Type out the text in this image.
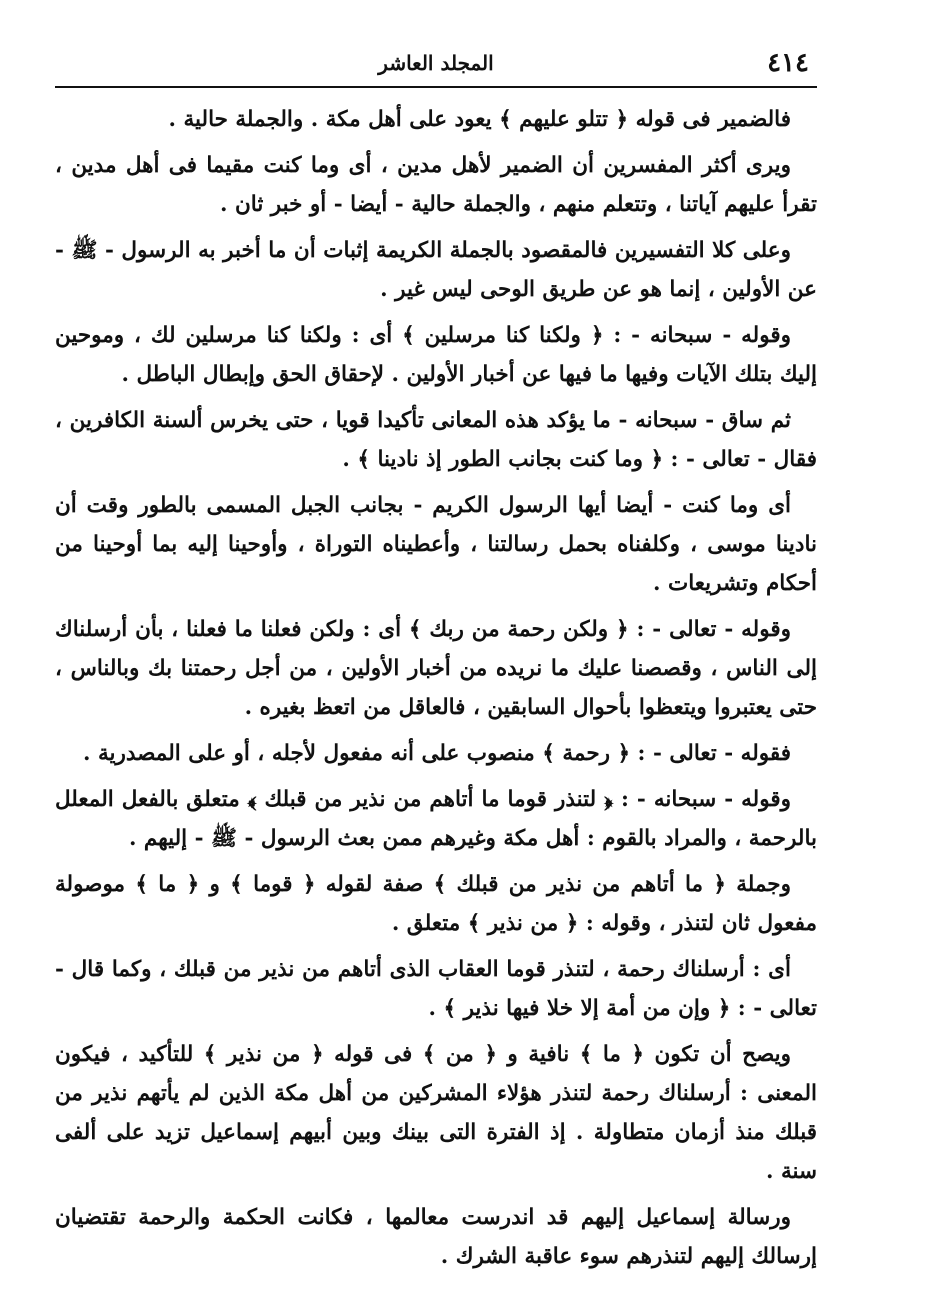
٤١٤
المجلد العاشر

فالضمير فى قوله ﴿ تتلو عليهم ﴾ يعود على أهل مكة . والجملة حالية .

ويرى أكثر المفسرين أن الضمير لأهل مدين ، أى وما كنت مقيما فى أهل مدين ، تقرأ عليهم آياتنا ، وتتعلم منهم ، والجملة حالية - أيضا - أو خبر ثان .

وعلى كلا التفسيرين فالمقصود بالجملة الكريمة إثبات أن ما أخبر به الرسول - ﷺ - عن الأولين ، إنما هو عن طريق الوحى ليس غير .

وقوله - سبحانه - : ﴿ ولكنا كنا مرسلين ﴾ أى : ولكنا كنا مرسلين لك ، وموحين إليك بتلك الآيات وفيها ما فيها عن أخبار الأولين . لإحقاق الحق وإبطال الباطل .

ثم ساق - سبحانه - ما يؤكد هذه المعانى تأكيدا قويا ، حتى يخرس ألسنة الكافرين ، فقال - تعالى - : ﴿ وما كنت بجانب الطور إذ نادينا ﴾ .

أى وما كنت - أيضا أيها الرسول الكريم - بجانب الجبل المسمى بالطور وقت أن نادينا موسى ، وكلفناه بحمل رسالتنا ، وأعطيناه التوراة ، وأوحينا إليه بما أوحينا من أحكام وتشريعات .

وقوله - تعالى - : ﴿ ولكن رحمة من ربك ﴾ أى : ولكن فعلنا ما فعلنا ، بأن أرسلناك إلى الناس ، وقصصنا عليك ما نريده من أخبار الأولين ، من أجل رحمتنا بك وبالناس ، حتى يعتبروا ويتعظوا بأحوال السابقين ، فالعاقل من اتعظ بغيره .

فقوله - تعالى - : ﴿ رحمة ﴾ منصوب على أنه مفعول لأجله ، أو على المصدرية .

وقوله - سبحانه - : ﴿ لتنذر قوما ما أتاهم من نذير من قبلك ﴾ متعلق بالفعل المعلل بالرحمة ، والمراد بالقوم : أهل مكة وغيرهم ممن بعث الرسول - ﷺ - إليهم .

وجملة ﴿ ما أتاهم من نذير من قبلك ﴾ صفة لقوله ﴿ قوما ﴾ و ﴿ ما ﴾ موصولة مفعول ثان لتنذر ، وقوله : ﴿ من نذير ﴾ متعلق .

أى : أرسلناك رحمة ، لتنذر قوما العقاب الذى أتاهم من نذير من قبلك ، وكما قال - تعالى - : ﴿ وإن من أمة إلا خلا فيها نذير ﴾ .

ويصح أن تكون ﴿ ما ﴾ نافية و ﴿ من ﴾ فى قوله ﴿ من نذير ﴾ للتأكيد ، فيكون المعنى : أرسلناك رحمة لتنذر هؤلاء المشركين من أهل مكة الذين لم يأتهم نذير من قبلك منذ أزمان متطاولة . إذ الفترة التى بينك وبين أبيهم إسماعيل تزيد على ألفى سنة .

ورسالة إسماعيل إليهم قد اندرست معالمها ، فكانت الحكمة والرحمة تقتضيان إرسالك إليهم لتنذرهم سوء عاقبة الشرك .
